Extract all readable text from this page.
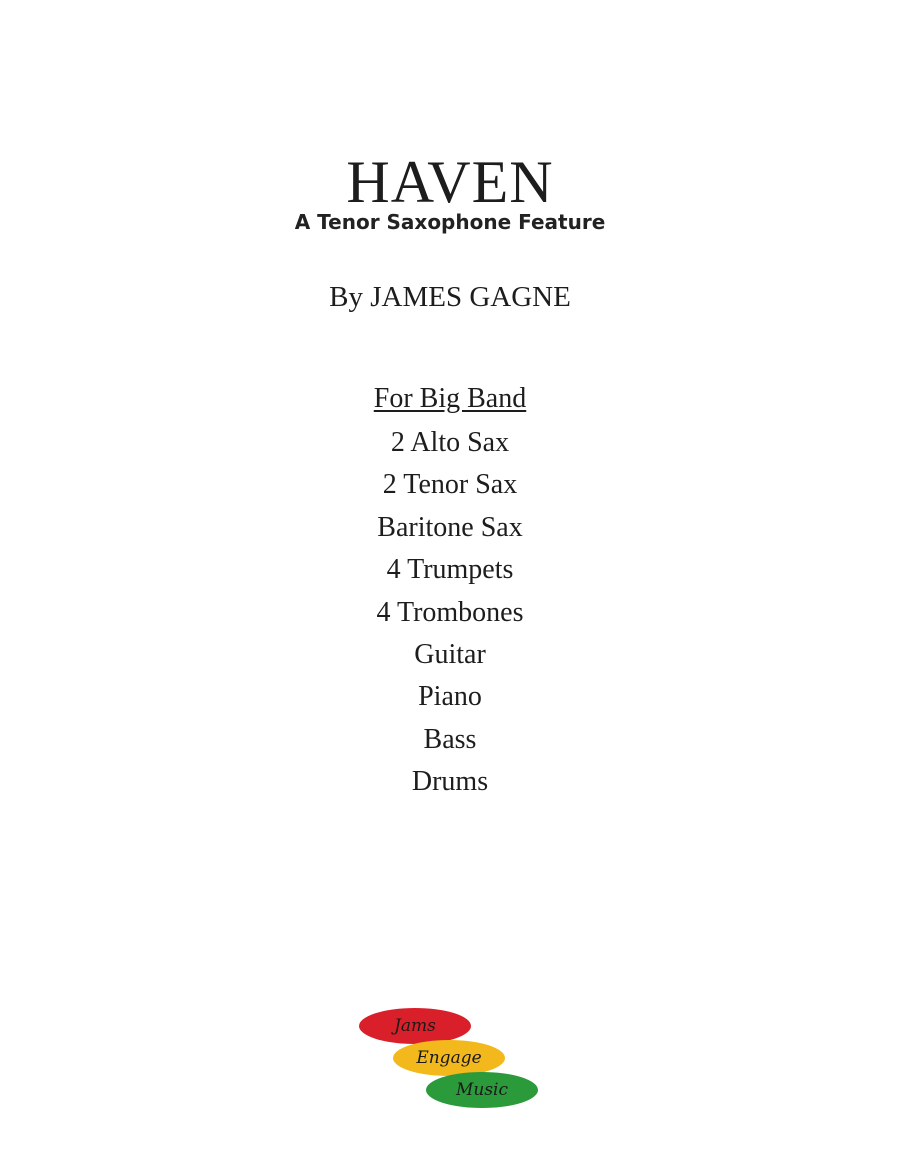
HAVEN
A Tenor Saxophone Feature
By JAMES GAGNE
For Big Band
2 Alto Sax
2 Tenor Sax
Baritone Sax
4 Trumpets
4 Trombones
Guitar
Piano
Bass
Drums
Jams
Engage
Music
